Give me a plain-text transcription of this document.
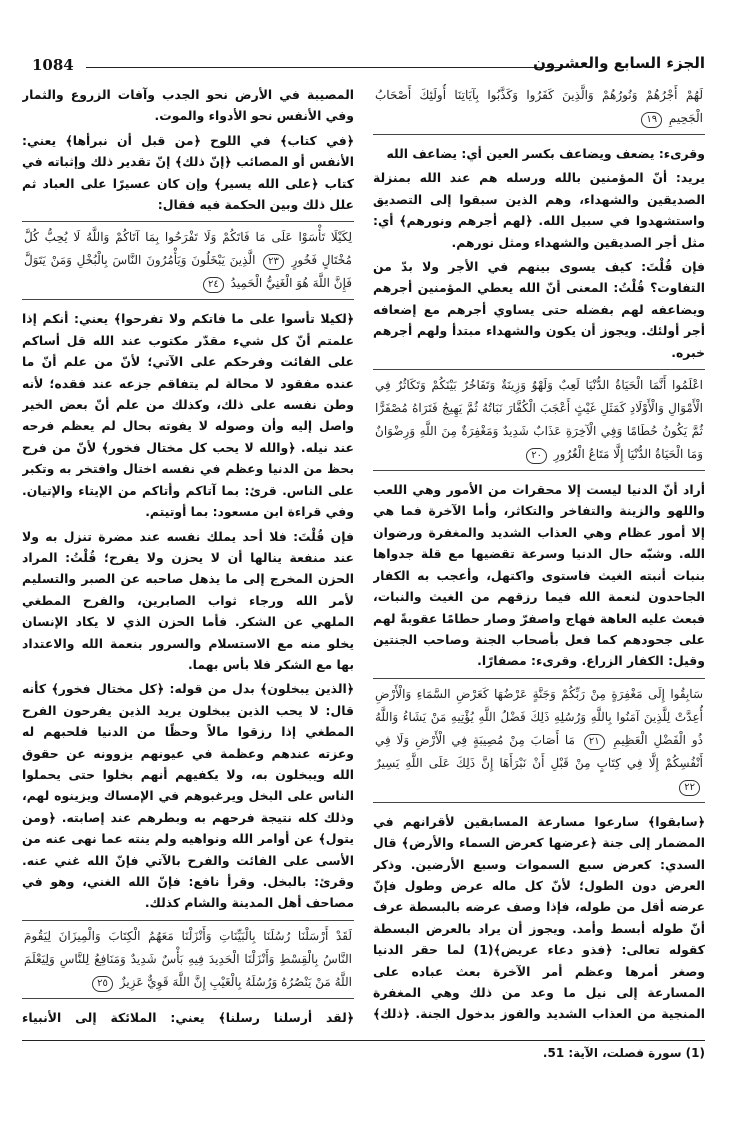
1084	الجزء السابع والعشرون
لَهُمْ أَجْرُهُمْ وَنُورُهُمْ وَالَّذِينَ كَفَرُوا وَكَذَّبُوا بِآيَاتِنَا أُولَئِكَ أَصْحَابُ الْجَحِيمِ ١٩

وقرىء: يضعف ويضاعف بكسر العين أي: يضاعف الله

يريد: أنّ المؤمنين بالله ورسله هم عند الله بمنزلة الصديقين والشهداء، وهم الذين سبقوا إلى التصديق واستشهدوا في سبيل الله. ﴿لهم أجرهم ونورهم﴾ أي: مثل أجر الصديقين والشهداء ومثل نورهم.

فإن قُلْتَ: كيف يسوى بينهم في الأجر ولا بدّ من التفاوت؟ قُلْتُ: المعنى أنّ الله يعطي المؤمنين أجرهم ويضاعفه لهم بفضله حتى يساوي أجرهم مع إضعافه أجر أولئك. ويجوز أن يكون والشهداء مبتدأ ولهم أجرهم خبره.

اعْلَمُوا أَنَّمَا الْحَيَاةُ الدُّنْيَا لَعِبٌ وَلَهْوٌ وَزِينَةٌ وَتَفَاخُرٌ بَيْنَكُمْ وَتَكَاثُرٌ فِي الْأَمْوَالِ وَالْأَوْلَادِ كَمَثَلِ غَيْثٍ أَعْجَبَ الْكُفَّارَ نَبَاتُهُ ثُمَّ يَهِيجُ فَتَرَاهُ مُصْفَرًّا ثُمَّ يَكُونُ حُطَامًا وَفِي الْآخِرَةِ عَذَابٌ شَدِيدٌ وَمَغْفِرَةٌ مِنَ اللَّهِ وَرِضْوَانٌ وَمَا الْحَيَاةُ الدُّنْيَا إِلَّا مَتَاعُ الْغُرُورِ ٢٠

أراد أنّ الدنيا ليست إلا محقرات من الأمور وهي اللعب واللهو والزينة والتفاخر والتكاثر، وأما الآخرة فما هي إلا أمور عظام وهي العذاب الشديد والمغفرة ورضوان الله. وشبّه حال الدنيا وسرعة تقضيها مع قلة جدواها بنبات أنبته الغيث فاستوى واكتهل، وأعجب به الكفار الجاحدون لنعمة الله فيما رزقهم من الغيث والنبات، فبعث عليه العاهة فهاج واصفرّ وصار حطامًا عقوبةً لهم على جحودهم كما فعل بأصحاب الجنة وصاحب الجنتين وقيل: الكفار الزراع. وقرىء: مصفارًا.

سَابِقُوا إِلَى مَغْفِرَةٍ مِنْ رَبِّكُمْ وَجَنَّةٍ عَرْضُهَا كَعَرْضِ السَّمَاءِ وَالْأَرْضِ أُعِدَّتْ لِلَّذِينَ آمَنُوا بِاللَّهِ وَرُسُلِهِ ذَلِكَ فَضْلُ اللَّهِ يُؤْتِيهِ مَنْ يَشَاءُ وَاللَّهُ ذُو الْفَضْلِ الْعَظِيمِ ٢١ مَا أَصَابَ مِنْ مُصِيبَةٍ فِي الْأَرْضِ وَلَا فِي أَنْفُسِكُمْ إِلَّا فِي كِتَابٍ مِنْ قَبْلِ أَنْ نَبْرَأَهَا إِنَّ ذَلِكَ عَلَى اللَّهِ يَسِيرٌ ٢٢

﴿سابقوا﴾ سارعوا مسارعة المسابقين لأقرانهم في المضمار إلى جنة ﴿عرضها كعرض السماء والأرض﴾ قال السدي: كعرض سبع السموات وسبع الأرضين. وذكر العرض دون الطول؛ لأنّ كل ماله عرض وطول فإنّ عرضه أقل من طوله، فإذا وصف عرضه بالبسطة عرف أنّ طوله أبسط وأمد. ويجوز أن يراد بالعرض البسطة كقوله تعالى: ﴿فذو دعاء عريض﴾(1) لما حقر الدنيا وصغر أمرها وعظم أمر الآخرة بعث عباده على المسارعة إلى نيل ما وعد من ذلك وهي المغفرة المنجية من العذاب الشديد والفوز بدخول الجنة. ﴿ذلك﴾

المصيبة في الأرض نحو الجدب وآفات الزروع والثمار وفي الأنفس نحو الأدواء والموت.

﴿في كتاب﴾ في اللوح ﴿من قبل أن نبرأها﴾ يعني: الأنفس أو المصائب ﴿إنّ ذلك﴾ إنّ تقدير ذلك وإثباته في كتاب ﴿على الله يسير﴾ وإن كان عسيرًا على العباد ثم علل ذلك وبين الحكمة فيه فقال:

لِكَيْلَا تَأْسَوْا عَلَى مَا فَاتَكُمْ وَلَا تَفْرَحُوا بِمَا آتَاكُمْ وَاللَّهُ لَا يُحِبُّ كُلَّ مُخْتَالٍ فَخُورٍ ٢٣ الَّذِينَ يَبْخَلُونَ وَيَأْمُرُونَ النَّاسَ بِالْبُخْلِ وَمَنْ يَتَوَلَّ فَإِنَّ اللَّهَ هُوَ الْغَنِيُّ الْحَمِيدُ ٢٤

﴿لكيلا تأسوا على ما فاتكم ولا تفرحوا﴾ يعني: أنكم إذا علمتم أنّ كل شيء مقدّر مكتوب عند الله قل أساكم على الفائت وفرحكم على الآتي؛ لأنّ من علم أنّ ما عنده مفقود لا محالة لم يتفاقم جزعه عند فقده؛ لأنه وطن نفسه على ذلك، وكذلك من علم أنّ بعض الخير واصل إليه وأن وصوله لا يفوته بحال لم يعظم فرحه عند نيله. ﴿والله لا يحب كل مختال فخور﴾ لأنّ من فرح بحظ من الدنيا وعظم في نفسه اختال وافتخر به وتكبر على الناس. قرئ: بما آتاكم وأتاكم من الإيتاء والإتيان. وفي قراءة ابن مسعود: بما أوتيتم.

فإن قُلْتَ: فلا أحد يملك نفسه عند مضرة تنزل به ولا عند منفعة ينالها أن لا يحزن ولا يفرح؛ قُلْتُ: المراد الحزن المخرج إلى ما يذهل صاحبه عن الصبر والتسليم لأمر الله ورجاء ثواب الصابرين، والفرح المطغي الملهي عن الشكر. فأما الحزن الذي لا يكاد الإنسان يخلو منه مع الاستسلام والسرور بنعمة الله والاعتداد بها مع الشكر فلا بأس بهما.

﴿الذين يبخلون﴾ بدل من قوله: ﴿كل مختال فخور﴾ كأنه قال: لا يحب الذين يبخلون يريد الذين يفرحون الفرح المطغي إذا رزقوا مالاً وحظًا من الدنيا فلحبهم له وعزته عندهم وعظمة في عيونهم يزوونه عن حقوق الله ويبخلون به، ولا يكفيهم أنهم بخلوا حتى يحملوا الناس على البخل ويرغبوهم في الإمساك ويزينوه لهم، وذلك كله نتيجة فرحهم به وبطرهم عند إصابته. ﴿ومن يتول﴾ عن أوامر الله ونواهيه ولم ينته عما نهى عنه من الأسى على الفائت والفرح بالآتي فإنّ الله غني عنه. وقرئ: بالبخل. وقرأ نافع: فإنّ الله الغني، وهو في مصاحف أهل المدينة والشام كذلك.

لَقَدْ أَرْسَلْنَا رُسُلَنَا بِالْبَيِّنَاتِ وَأَنْزَلْنَا مَعَهُمُ الْكِتَابَ وَالْمِيزَانَ لِيَقُومَ النَّاسُ بِالْقِسْطِ وَأَنْزَلْنَا الْحَدِيدَ فِيهِ بَأْسٌ شَدِيدٌ وَمَنَافِعُ لِلنَّاسِ وَلِيَعْلَمَ اللَّهُ مَنْ يَنْصُرُهُ وَرُسُلَهُ بِالْغَيْبِ إِنَّ اللَّهَ قَوِيٌّ عَزِيزٌ ٢٥

﴿لقد أرسلنا رسلنا﴾ يعني: الملائكة إلى الأنبياء

(1) سورة فصلت، الآية: 51.
